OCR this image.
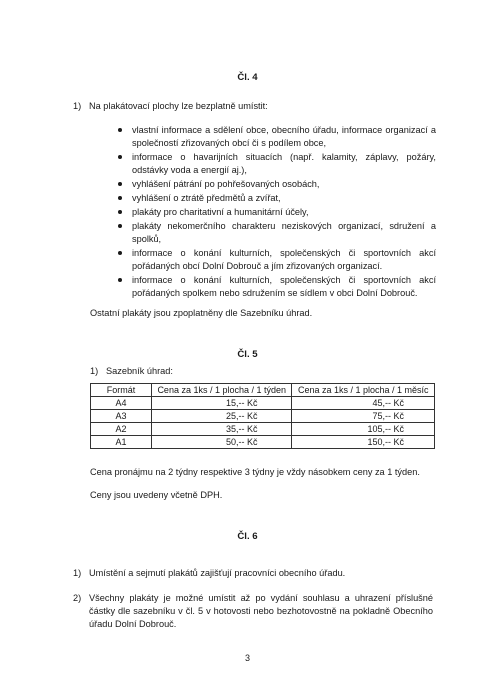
Čl. 4
1) Na plakátovací plochy lze bezplatně umístit:
vlastní informace a sdělení obce, obecního úřadu, informace organizací a společností zřizovaných obcí či s podílem obce,
informace o havarijních situacích (např. kalamity, záplavy, požáry, odstávky voda a energií aj.),
vyhlášení pátrání po pohřešovaných osobách,
vyhlášení o ztrátě předmětů a zvířat,
plakáty pro charitativní a humanitární účely,
plakáty nekomerčního charakteru neziskových organizací, sdružení a spolků,
informace o konání kulturních, společenských či sportovních akcí pořádaných obcí Dolní Dobrouč a jím zřizovaných organizací.
informace o konání kulturních, společenských či sportovních akcí pořádaných spolkem nebo sdružením se sídlem v obci Dolní Dobrouč.
Ostatní plakáty jsou zpoplatněny dle Sazebníku úhrad.
Čl. 5
1) Sazebník úhrad:
Formát	Cena za 1ks / 1 plocha / 1 týden	Cena za 1ks / 1 plocha / 1 měsíc
A4	15,-- Kč	45,-- Kč
A3	25,-- Kč	75,-- Kč
A2	35,-- Kč	105,-- Kč
A1	50,-- Kč	150,-- Kč
Cena pronájmu na 2 týdny respektive 3 týdny je vždy násobkem ceny za 1 týden.
Ceny jsou uvedeny včetně DPH.
Čl. 6
1) Umístění a sejmutí plakátů zajišťují pracovníci obecního úřadu.
2) Všechny plakáty je možné umístit až po vydání souhlasu a uhrazení příslušné částky dle sazebníku v čl. 5 v hotovosti nebo bezhotovostně na pokladně Obecního úřadu Dolní Dobrouč.
3
